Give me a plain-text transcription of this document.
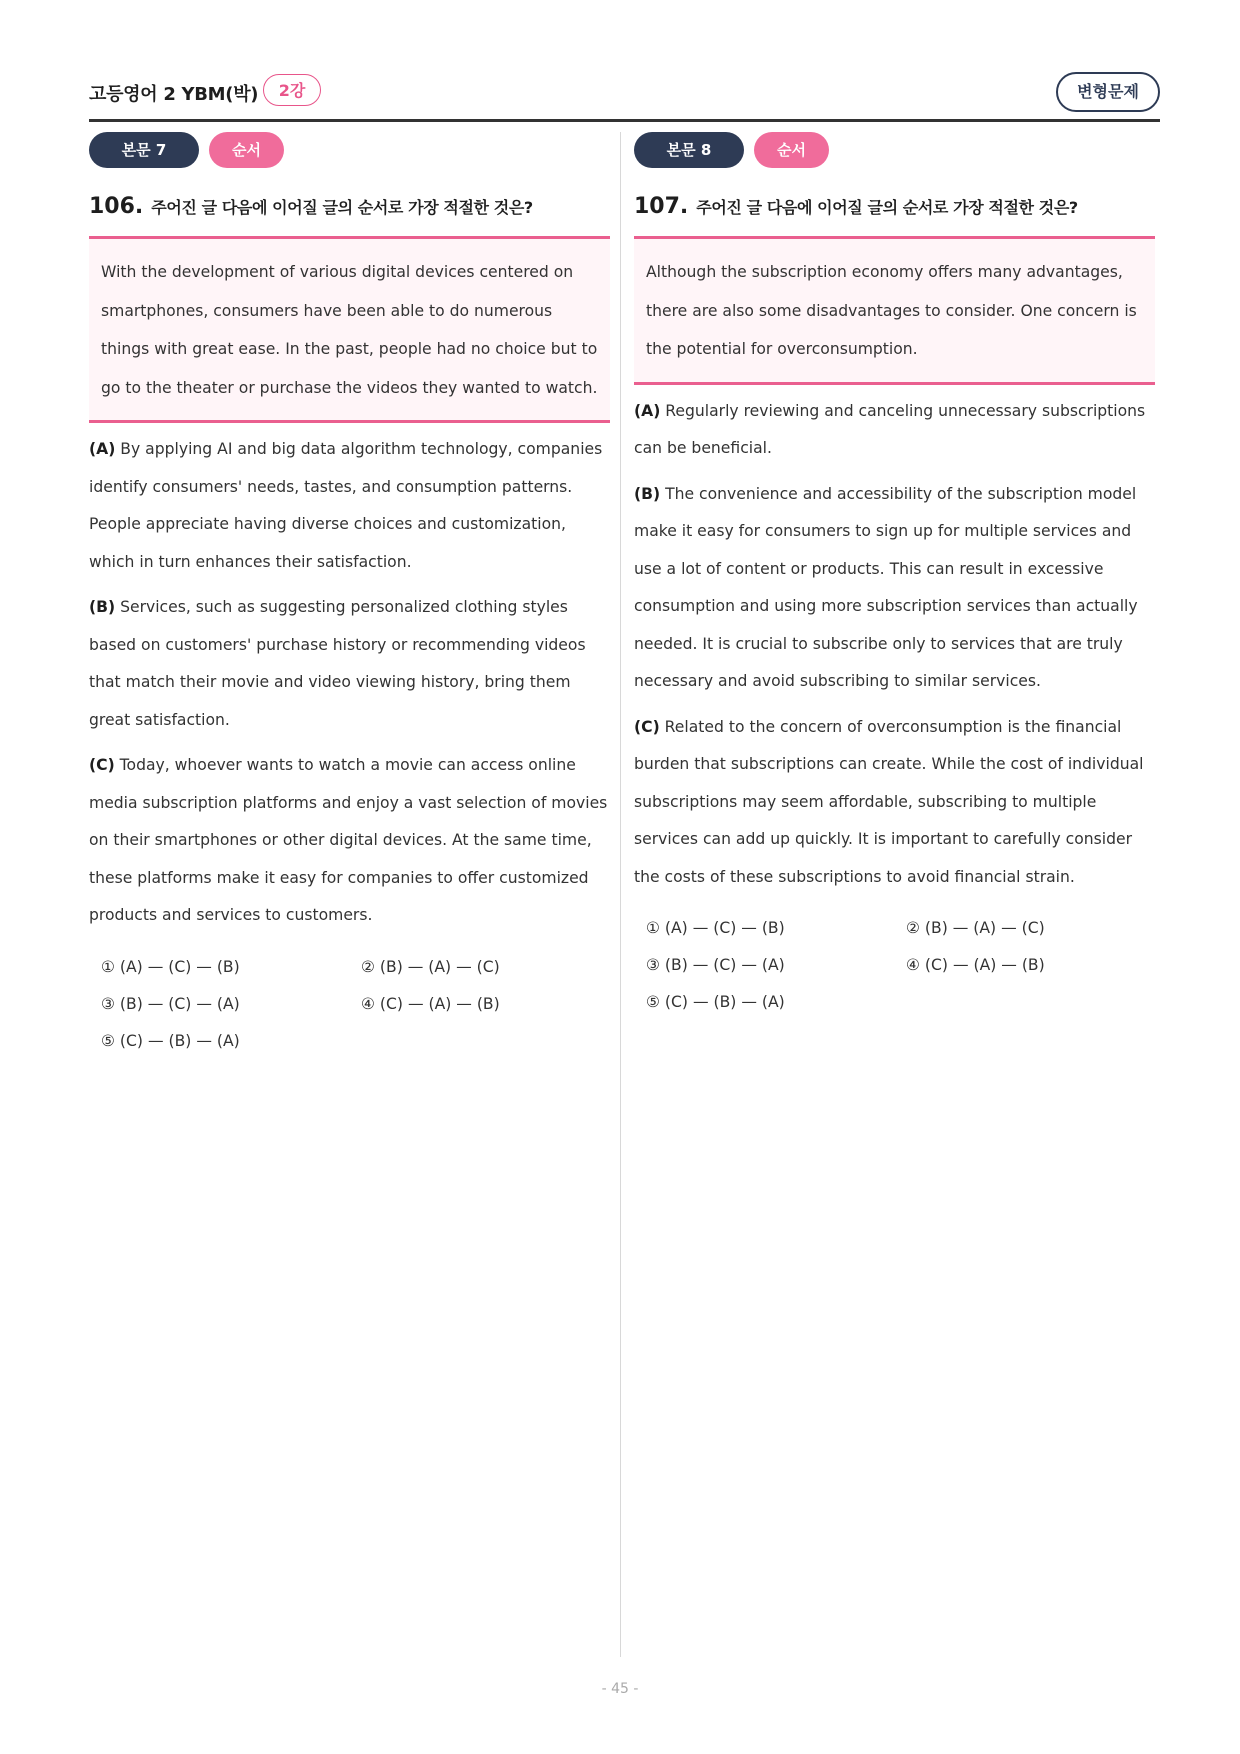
고등영어 2 YBM(박)	2강	변형문제
본문 7	순서
106. 주어진 글 다음에 이어질 글의 순서로 가장 적절한 것은?
With the development of various digital devices centered on smartphones, consumers have been able to do numerous things with great ease. In the past, people had no choice but to go to the theater or purchase the videos they wanted to watch.
(A) By applying AI and big data algorithm technology, companies identify consumers' needs, tastes, and consumption patterns. People appreciate having diverse choices and customization, which in turn enhances their satisfaction.
(B) Services, such as suggesting personalized clothing styles based on customers' purchase history or recommending videos that match their movie and video viewing history, bring them great satisfaction.
(C) Today, whoever wants to watch a movie can access online media subscription platforms and enjoy a vast selection of movies on their smartphones or other digital devices. At the same time, these platforms make it easy for companies to offer customized products and services to customers.
① (A) — (C) — (B)	② (B) — (A) — (C)
③ (B) — (C) — (A)	④ (C) — (A) — (B)
⑤ (C) — (B) — (A)
본문 8	순서
107. 주어진 글 다음에 이어질 글의 순서로 가장 적절한 것은?
Although the subscription economy offers many advantages, there are also some disadvantages to consider. One concern is the potential for overconsumption.
(A) Regularly reviewing and canceling unnecessary subscriptions can be beneficial.
(B) The convenience and accessibility of the subscription model make it easy for consumers to sign up for multiple services and use a lot of content or products. This can result in excessive consumption and using more subscription services than actually needed. It is crucial to subscribe only to services that are truly necessary and avoid subscribing to similar services.
(C) Related to the concern of overconsumption is the financial burden that subscriptions can create. While the cost of individual subscriptions may seem affordable, subscribing to multiple services can add up quickly. It is important to carefully consider the costs of these subscriptions to avoid financial strain.
① (A) — (C) — (B)	② (B) — (A) — (C)
③ (B) — (C) — (A)	④ (C) — (A) — (B)
⑤ (C) — (B) — (A)
- 45 -
